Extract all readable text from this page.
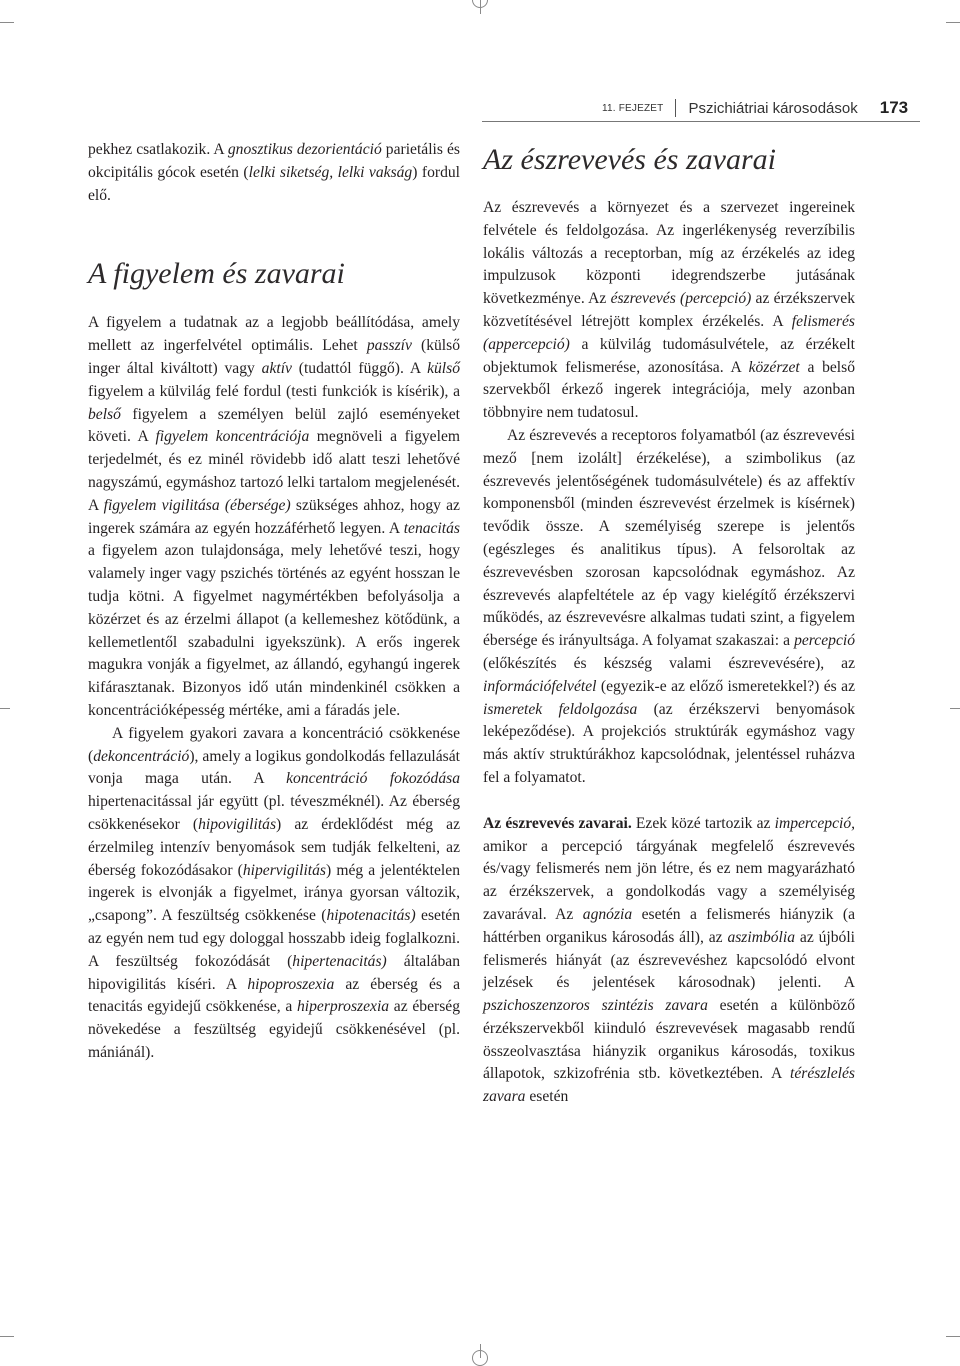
11. FEJEZET Pszichiátriai károsodások 173

pekhez csatlakozik. A gnosztikus dezorientáció parietális és okcipitális gócok esetén (lelki siketség, lelki vakság) fordul elő.

A figyelem és zavarai

A figyelem a tudatnak az a legjobb beállítódása, amely mellett az ingerfelvétel optimális. Lehet passzív (külső inger által kiváltott) vagy aktív (tudattól függő). A külső figyelem a külvilág felé fordul (testi funkciók is kísérik), a belső figyelem a személyen belül zajló eseményeket követi. A figyelem koncentrációja megnöveli a figyelem terjedelmét, és ez minél rövidebb idő alatt teszi lehetővé nagyszámú, egymáshoz tartozó lelki tartalom megjelenését. A figyelem vigilitása (ébersége) szükséges ahhoz, hogy az ingerek számára az egyén hozzáférhető legyen. A tenacitás a figyelem azon tulajdonsága, mely lehetővé teszi, hogy valamely inger vagy pszichés történés az egyént hosszan le tudja kötni. A figyelmet nagymértékben befolyásolja a közérzet és az érzelmi állapot (a kellemeshez kötődünk, a kellemetlentől szabadulni igyekszünk). A erős ingerek magukra vonják a figyelmet, az állandó, egyhangú ingerek kifárasztanak. Bizonyos idő után mindenkinél csökken a koncentrációképesség mértéke, ami a fáradás jele.

A figyelem gyakori zavara a koncentráció csökkenése (dekoncentráció), amely a logikus gondolkodás fellazulását vonja maga után. A koncentráció fokozódása hipertenacitással jár együtt (pl. téveszméknél). Az éberség csökkenésekor (hipovigilitás) az érdeklődést még az érzelmileg intenzív benyomások sem tudják felkelteni, az éberség fokozódásakor (hipervigilitás) még a jelentéktelen ingerek is elvonják a figyelmet, iránya gyorsan változik, „csapong”. A feszültség csökkenése (hipotenacitás) esetén az egyén nem tud egy dologgal hosszabb ideig foglalkozni. A feszültség fokozódását (hipertenacitás) általában hipovigilitás kíséri. A hipoproszexia az éberség és a tenacitás egyidejű csökkenése, a hiperproszexia az éberség növekedése a feszültség egyidejű csökkenésével (pl. mániánál).

Az észrevevés és zavarai

Az észrevevés a környezet és a szervezet ingereinek felvétele és feldolgozása. Az ingerlékenység reverzíbilis lokális változás a receptorban, míg az érzékelés az ideg impulzusok központi idegrendszerbe jutásának következménye. Az észrevevés (percepció) az érzékszervek közvetítésével létrejött komplex érzékelés. A felismerés (appercepció) a külvilág tudomásulvétele, az érzékelt objektumok felismerése, azonosítása. A közérzet a belső szervekből érkező ingerek integrációja, mely azonban többnyire nem tudatosul.

Az észrevevés a receptoros folyamatból (az észrevevési mező [nem izolált] érzékelése), a szimbolikus (az észrevevés jelentőségének tudomásulvétele) és az affektív komponensből (minden észrevevést érzelmek is kísérnek) tevődik össze. A személyiség szerepe is jelentős (egészleges és analitikus típus). A felsoroltak az észrevevésben szorosan kapcsolódnak egymáshoz. Az észrevevés alapfeltétele az ép vagy kielégítő érzékszervi működés, az észrevevésre alkalmas tudati szint, a figyelem ébersége és irányultsága. A folyamat szakaszai: a percepció (előkészítés és készség valami észrevevésére), az információfelvétel (egyezik-e az előző ismeretekkel?) és az ismeretek feldolgozása (az érzékszervi benyomások leképeződése). A projekciós struktúrák egymáshoz vagy más aktív struktúrákhoz kapcsolódnak, jelentéssel ruházva fel a folyamatot.

Az észrevevés zavarai. Ezek közé tartozik az impercepció, amikor a percepció tárgyának megfelelő észrevevés és/vagy felismerés nem jön létre, és ez nem magyarázható az érzékszervek, a gondolkodás vagy a személyiség zavarával. Az agnózia esetén a felismerés hiányzik (a háttérben organikus károsodás áll), az aszimbólia az újbóli felismerés hiányát (az észrevevéshez kapcsolódó elvont jelzések és jelentések károsodnak) jelenti. A pszichoszenzoros szintézis zavara esetén a különböző érzékszervekből kiinduló észrevevések magasabb rendű összeolvasztása hiányzik organikus károsodás, toxikus állapotok, szkizofrénia stb. következtében. A térészlelés zavara esetén
